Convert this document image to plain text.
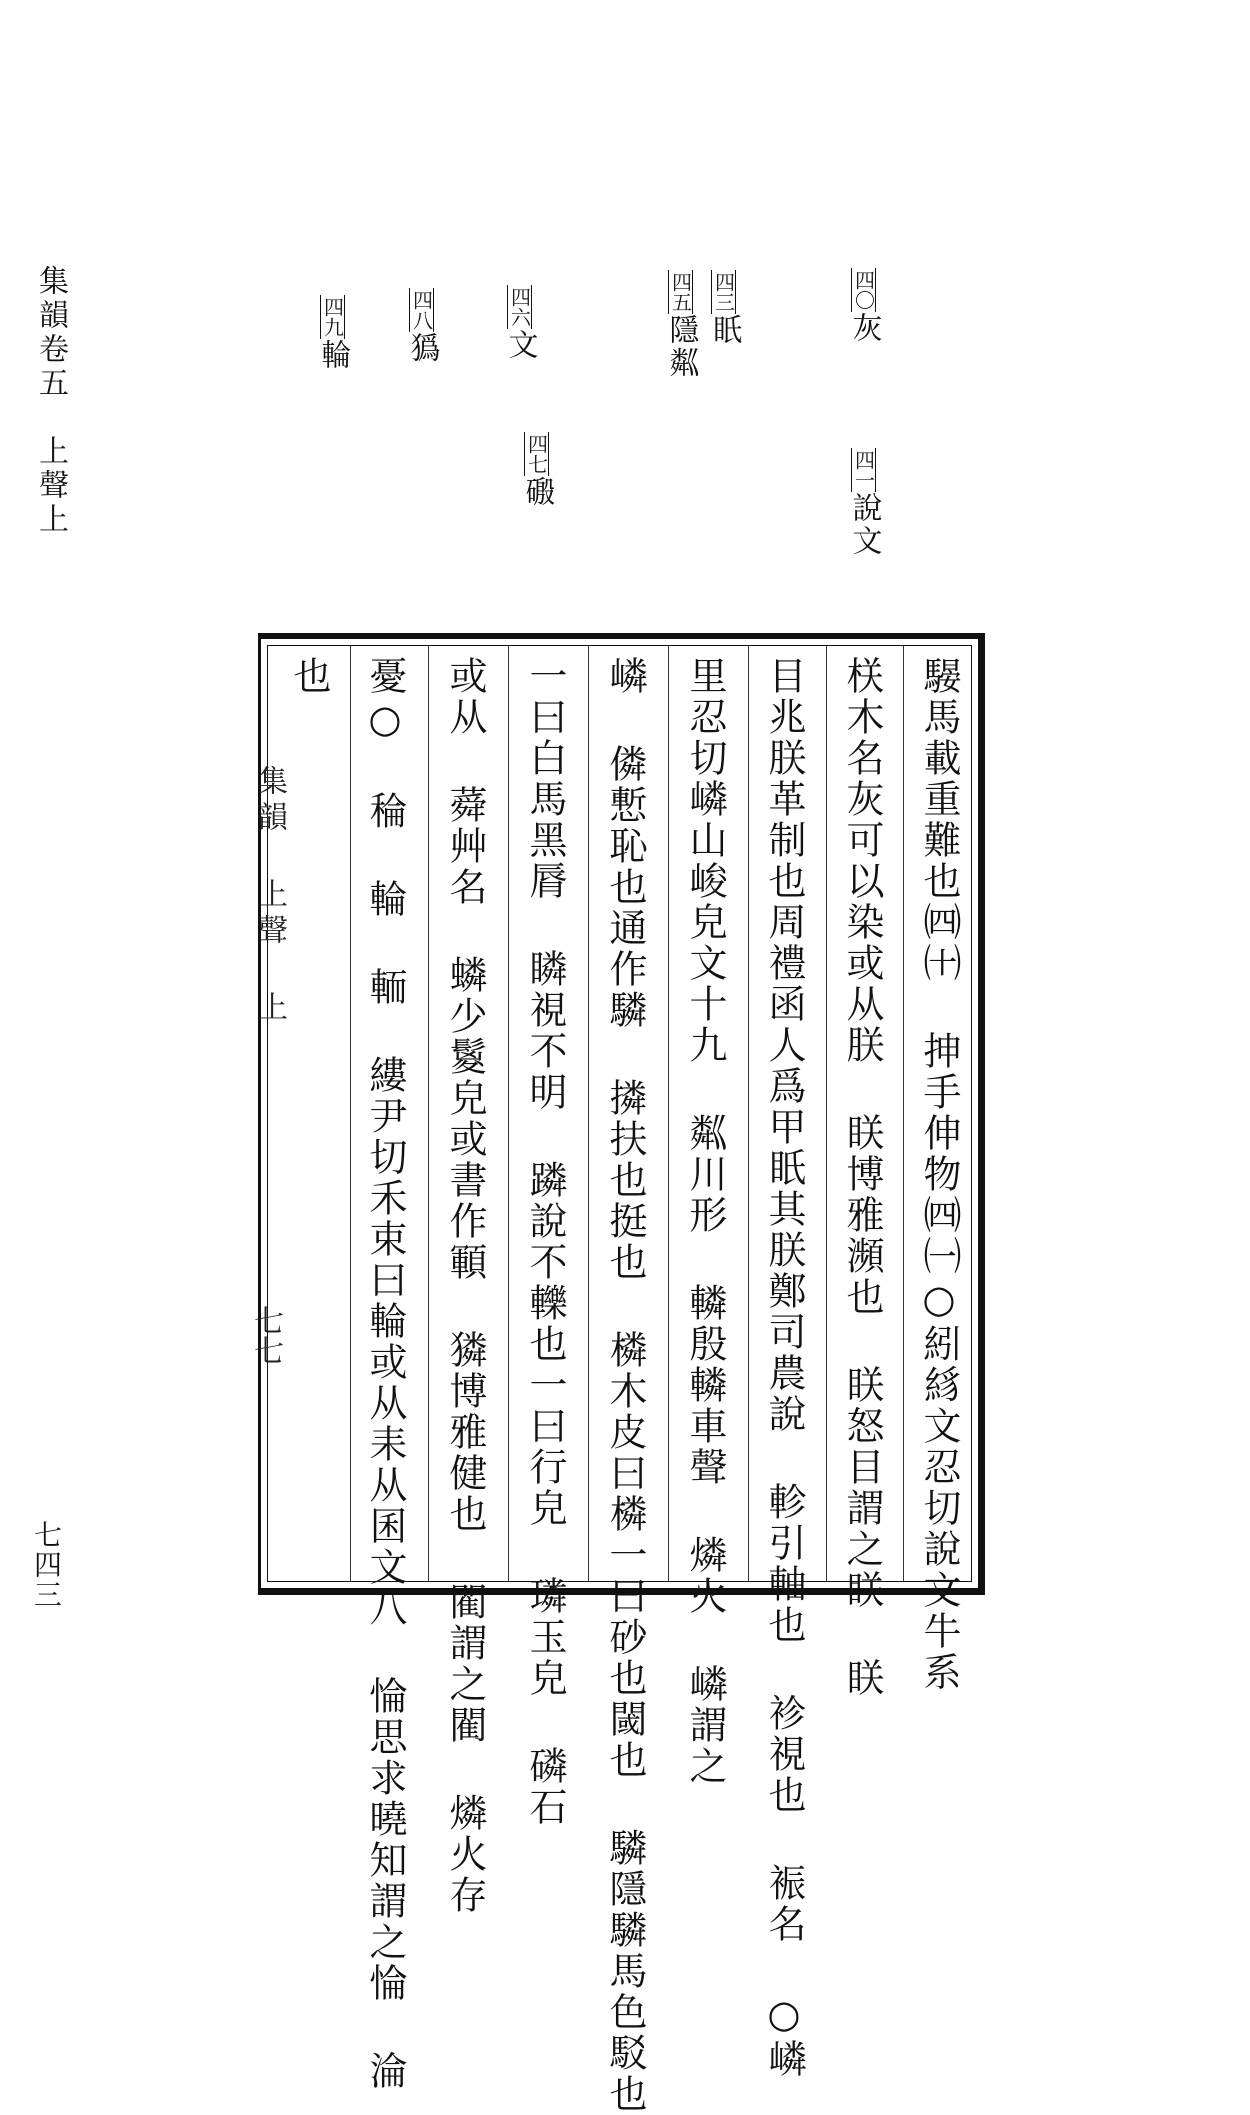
集韻卷五　上聲上
七四三
四〇灰
四一說文
四三眂
四五隱粼
四六文
四七磤
四八㺔
四九輪
騴馬載重難也㈣㈩ 抻手伸物㈣㈠○紖絼文忍切說文牛系
栚木名灰可以染或从朕 眹博雅瀕也 眹怒目謂之眹 眹
目兆朕革制也周禮函人爲甲眂其朕鄭司農說 軫引軸也 袗視也 裖名 ○嶙
里忍切嶙山峻皃文十九 粼川形 轔殷轔車聲 燐火 嶙謂之
嶙 僯慙恥也通作驎 撛扶也挺也 橉木皮曰橉一曰砂也閾也 驎隱驎馬色駁也
一曰白馬黑脣 瞵視不明 蹸說不轢也一曰行皃 璘玉皃 磷石
或从 蕣艸名 䗲少鬉皃或書作顐 獜博雅健也 閵謂之閵 燐火存
憂○ 稐 輪 輀 縷尹切禾束曰輪或从耒从囷文八 惀思求曉知謂之惀 淪
也
集韻 上聲 上
七七
